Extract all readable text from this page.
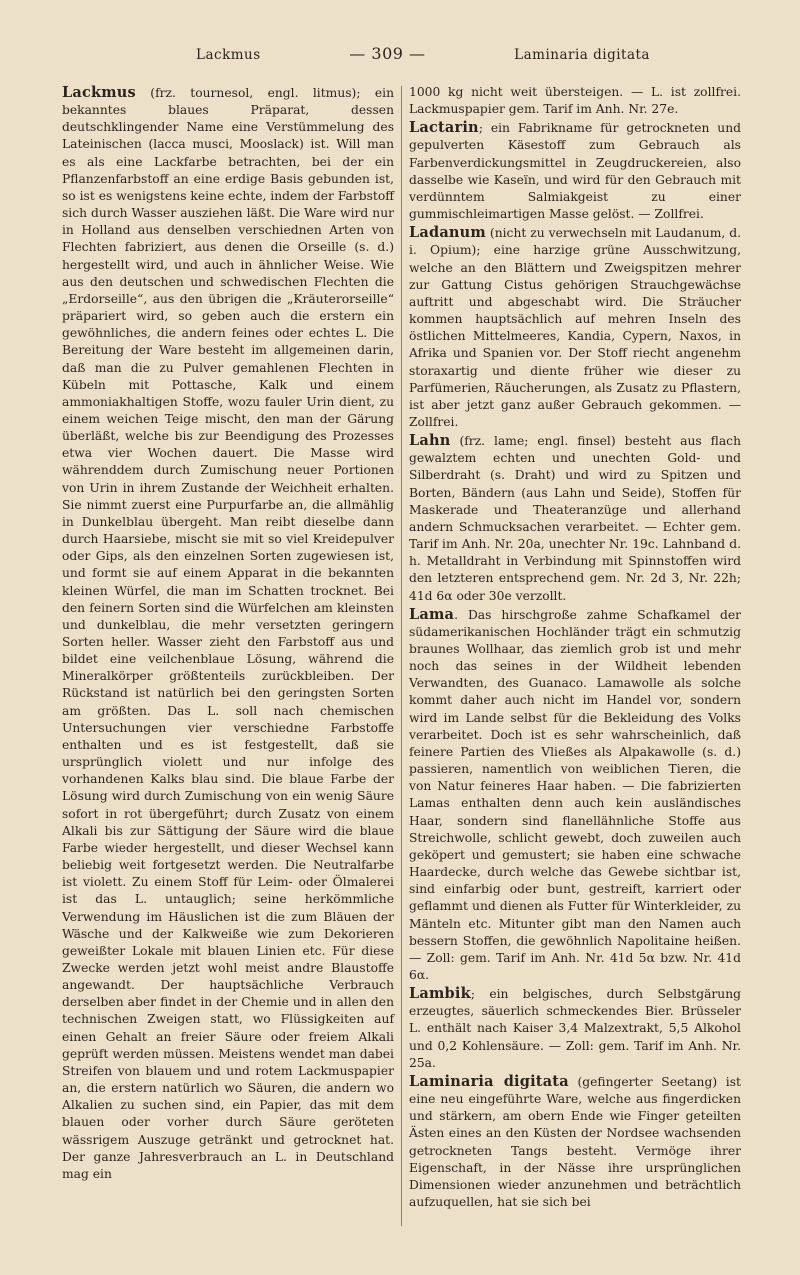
Lackmus	— 309 —	Laminaria digitata

Lackmus (frz. tournesol, engl. litmus); ein bekanntes blaues Präparat, dessen deutschklingender Name eine Verstümmelung des Lateinischen (lacca musci, Mooslack) ist. Will man es als eine Lackfarbe betrachten, bei der ein Pflanzenfarbstoff an eine erdige Basis gebunden ist, so ist es wenigstens keine echte, indem der Farbstoff sich durch Wasser ausziehen läßt. Die Ware wird nur in Holland aus denselben verschiednen Arten von Flechten fabriziert, aus denen die Orseille (s. d.) hergestellt wird, und auch in ähnlicher Weise. Wie aus den deutschen und schwedischen Flechten die „Erdorseille“, aus den übrigen die „Kräuterorseille“ präpariert wird, so geben auch die erstern ein gewöhnliches, die andern feines oder echtes L. Die Bereitung der Ware besteht im allgemeinen darin, daß man die zu Pulver gemahlenen Flechten in Kübeln mit Pottasche, Kalk und einem ammoniakhaltigen Stoffe, wozu fauler Urin dient, zu einem weichen Teige mischt, den man der Gärung überläßt, welche bis zur Beendigung des Prozesses etwa vier Wochen dauert. Die Masse wird währenddem durch Zumischung neuer Portionen von Urin in ihrem Zustande der Weichheit erhalten. Sie nimmt zuerst eine Purpurfarbe an, die allmählig in Dunkelblau übergeht. Man reibt dieselbe dann durch Haarsiebe, mischt sie mit so viel Kreidepulver oder Gips, als den einzelnen Sorten zugewiesen ist, und formt sie auf einem Apparat in die bekannten kleinen Würfel, die man im Schatten trocknet. Bei den feinern Sorten sind die Würfelchen am kleinsten und dunkelblau, die mehr versetzten geringern Sorten heller. Wasser zieht den Farbstoff aus und bildet eine veilchenblaue Lösung, während die Mineralkörper größtenteils zurückbleiben. Der Rückstand ist natürlich bei den geringsten Sorten am größten. Das L. soll nach chemischen Untersuchungen vier verschiedne Farbstoffe enthalten und es ist festgestellt, daß sie ursprünglich violett und nur infolge des vorhandenen Kalks blau sind. Die blaue Farbe der Lösung wird durch Zumischung von ein wenig Säure sofort in rot übergeführt; durch Zusatz von einem Alkali bis zur Sättigung der Säure wird die blaue Farbe wieder hergestellt, und dieser Wechsel kann beliebig weit fortgesetzt werden. Die Neutralfarbe ist violett. Zu einem Stoff für Leim- oder Ölmalerei ist das L. untauglich; seine herkömmliche Verwendung im Häuslichen ist die zum Bläuen der Wäsche und der Kalkweiße wie zum Dekorieren geweißter Lokale mit blauen Linien etc. Für diese Zwecke werden jetzt wohl meist andre Blaustoffe angewandt. Der hauptsächliche Verbrauch derselben aber findet in der Chemie und in allen den technischen Zweigen statt, wo Flüssigkeiten auf einen Gehalt an freier Säure oder freiem Alkali geprüft werden müssen. Meistens wendet man dabei Streifen von blauem und und rotem Lackmuspapier an, die erstern natürlich wo Säuren, die andern wo Alkalien zu suchen sind, ein Papier, das mit dem blauen oder vorher durch Säure geröteten wässrigem Auszuge getränkt und getrocknet hat. Der ganze Jahresverbrauch an L. in Deutschland mag ein

1000 kg nicht weit übersteigen. — L. ist zollfrei. Lackmuspapier gem. Tarif im Anh. Nr. 27e.

Lactarin; ein Fabrikname für getrockneten und gepulverten Käsestoff zum Gebrauch als Farbenverdickungsmittel in Zeugdruckereien, also dasselbe wie Kaseïn, und wird für den Gebrauch mit verdünntem Salmiakgeist zu einer gummischleimartigen Masse gelöst. — Zollfrei.

Ladanum (nicht zu verwechseln mit Laudanum, d. i. Opium); eine harzige grüne Ausschwitzung, welche an den Blättern und Zweigspitzen mehrer zur Gattung Cistus gehörigen Strauchgewächse auftritt und abgeschabt wird. Die Sträucher kommen hauptsächlich auf mehren Inseln des östlichen Mittelmeeres, Kandia, Cypern, Naxos, in Afrika und Spanien vor. Der Stoff riecht angenehm storaxartig und diente früher wie dieser zu Parfümerien, Räucherungen, als Zusatz zu Pflastern, ist aber jetzt ganz außer Gebrauch gekommen. — Zollfrei.

Lahn (frz. lame; engl. finsel) besteht aus flach gewalztem echten und unechten Gold- und Silberdraht (s. Draht) und wird zu Spitzen und Borten, Bändern (aus Lahn und Seide), Stoffen für Maskerade und Theateranzüge und allerhand andern Schmucksachen verarbeitet. — Echter gem. Tarif im Anh. Nr. 20a, unechter Nr. 19c. Lahnband d. h. Metalldraht in Verbindung mit Spinnstoffen wird den letzteren entsprechend gem. Nr. 2d 3, Nr. 22h; 41d 6α oder 30e verzollt.

Lama. Das hirschgroße zahme Schafkamel der südamerikanischen Hochländer trägt ein schmutzig braunes Wollhaar, das ziemlich grob ist und mehr noch das seines in der Wildheit lebenden Verwandten, des Guanaco. Lamawolle als solche kommt daher auch nicht im Handel vor, sondern wird im Lande selbst für die Bekleidung des Volks verarbeitet. Doch ist es sehr wahrscheinlich, daß feinere Partien des Vließes als Alpakawolle (s. d.) passieren, namentlich von weiblichen Tieren, die von Natur feineres Haar haben. — Die fabrizierten Lamas enthalten denn auch kein ausländisches Haar, sondern sind flanellähnliche Stoffe aus Streichwolle, schlicht gewebt, doch zuweilen auch geköpert und gemustert; sie haben eine schwache Haardecke, durch welche das Gewebe sichtbar ist, sind einfarbig oder bunt, gestreift, karriert oder geflammt und dienen als Futter für Winterkleider, zu Mänteln etc. Mitunter gibt man den Namen auch bessern Stoffen, die gewöhnlich Napolitaine heißen. — Zoll: gem. Tarif im Anh. Nr. 41d 5α bzw. Nr. 41d 6α.

Lambik; ein belgisches, durch Selbstgärung erzeugtes, säuerlich schmeckendes Bier. Brüsseler L. enthält nach Kaiser 3,4 Malzextrakt, 5,5 Alkohol und 0,2 Kohlensäure. — Zoll: gem. Tarif im Anh. Nr. 25a.

Laminaria digitata (gefingerter Seetang) ist eine neu eingeführte Ware, welche aus fingerdicken und stärkern, am obern Ende wie Finger geteilten Ästen eines an den Küsten der Nordsee wachsenden getrockneten Tangs besteht. Vermöge ihrer Eigenschaft, in der Nässe ihre ursprünglichen Dimensionen wieder anzunehmen und beträchtlich aufzuquellen, hat sie sich bei
